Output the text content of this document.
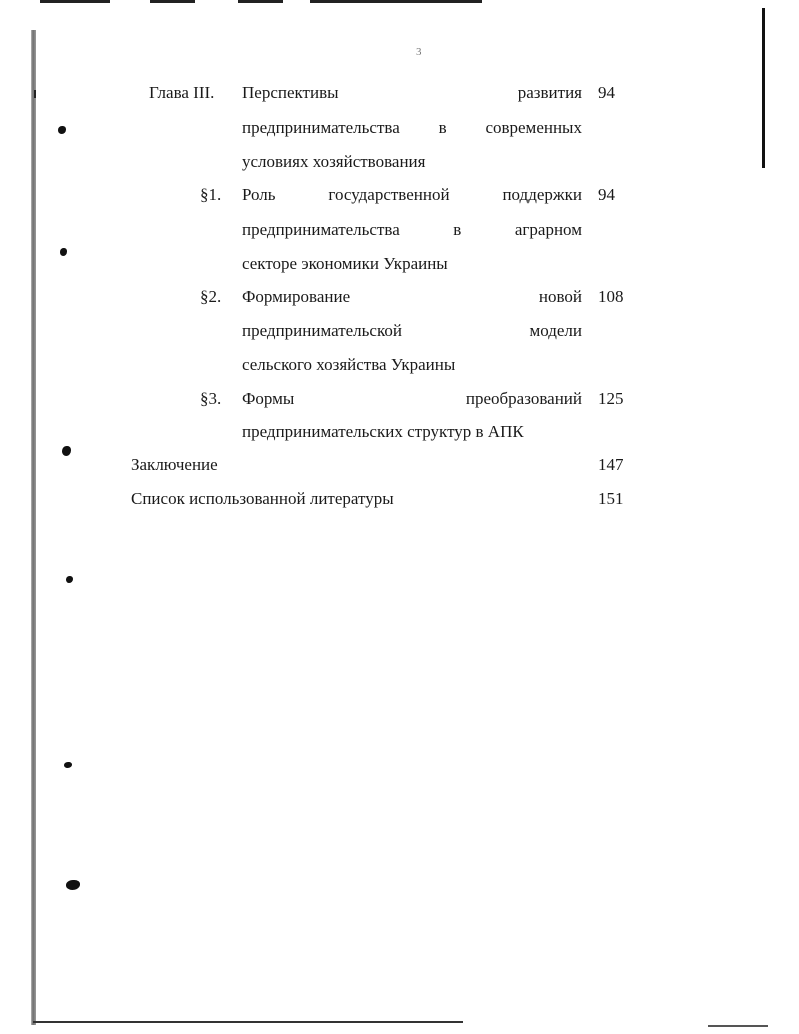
3
Глава III. Перспективы	развития 94
предпринимательства в современных
условиях хозяйствования
§1. Роль	государственной	поддержки 94
предпринимательства	в	аграрном
секторе экономики Украины
§2. Формирование	новой 108
предпринимательской	модели
сельского хозяйства Украины
§3. Формы	преобразований 125
предпринимательских структур в АПК
Заключение	147
Список использованной литературы	151
